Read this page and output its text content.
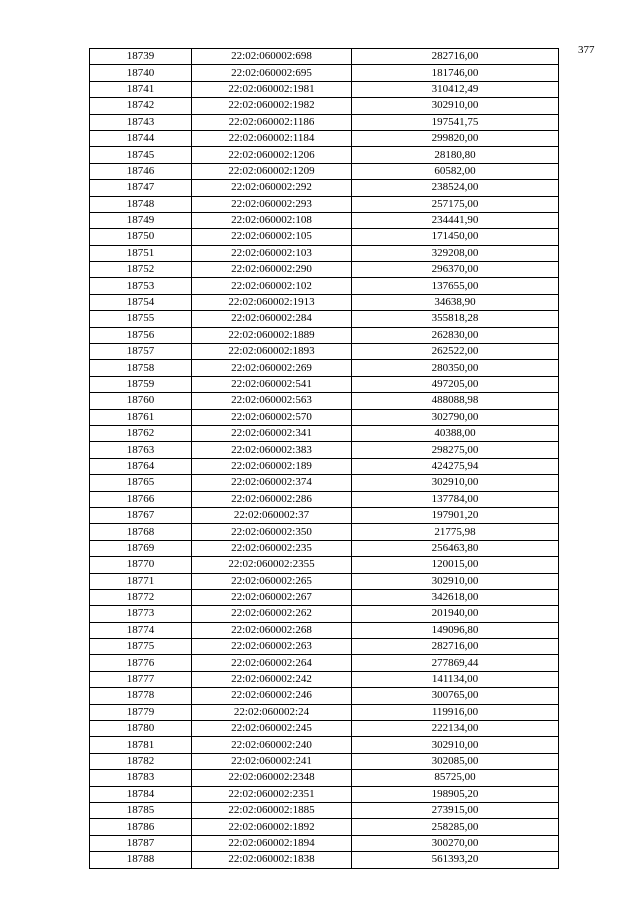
377
18739	22:02:060002:698	282716,00
18740	22:02:060002:695	181746,00
18741	22:02:060002:1981	310412,49
18742	22:02:060002:1982	302910,00
18743	22:02:060002:1186	197541,75
18744	22:02:060002:1184	299820,00
18745	22:02:060002:1206	28180,80
18746	22:02:060002:1209	60582,00
18747	22:02:060002:292	238524,00
18748	22:02:060002:293	257175,00
18749	22:02:060002:108	234441,90
18750	22:02:060002:105	171450,00
18751	22:02:060002:103	329208,00
18752	22:02:060002:290	296370,00
18753	22:02:060002:102	137655,00
18754	22:02:060002:1913	34638,90
18755	22:02:060002:284	355818,28
18756	22:02:060002:1889	262830,00
18757	22:02:060002:1893	262522,00
18758	22:02:060002:269	280350,00
18759	22:02:060002:541	497205,00
18760	22:02:060002:563	488088,98
18761	22:02:060002:570	302790,00
18762	22:02:060002:341	40388,00
18763	22:02:060002:383	298275,00
18764	22:02:060002:189	424275,94
18765	22:02:060002:374	302910,00
18766	22:02:060002:286	137784,00
18767	22:02:060002:37	197901,20
18768	22:02:060002:350	21775,98
18769	22:02:060002:235	256463,80
18770	22:02:060002:2355	120015,00
18771	22:02:060002:265	302910,00
18772	22:02:060002:267	342618,00
18773	22:02:060002:262	201940,00
18774	22:02:060002:268	149096,80
18775	22:02:060002:263	282716,00
18776	22:02:060002:264	277869,44
18777	22:02:060002:242	141134,00
18778	22:02:060002:246	300765,00
18779	22:02:060002:24	119916,00
18780	22:02:060002:245	222134,00
18781	22:02:060002:240	302910,00
18782	22:02:060002:241	302085,00
18783	22:02:060002:2348	85725,00
18784	22:02:060002:2351	198905,20
18785	22:02:060002:1885	273915,00
18786	22:02:060002:1892	258285,00
18787	22:02:060002:1894	300270,00
18788	22:02:060002:1838	561393,20
